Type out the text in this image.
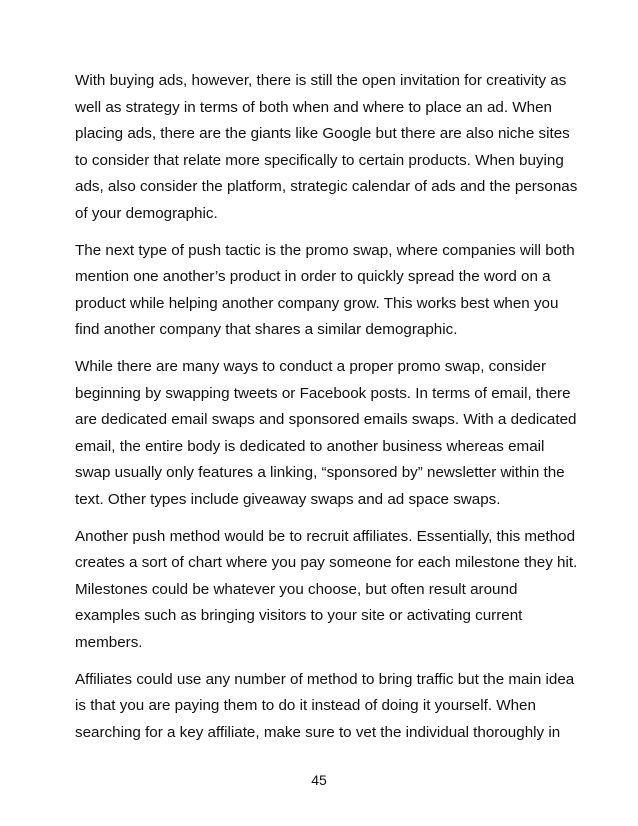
With buying ads, however, there is still the open invitation for creativity as
well as strategy in terms of both when and where to place an ad. When
placing ads, there are the giants like Google but there are also niche sites
to consider that relate more specifically to certain products. When buying
ads, also consider the platform, strategic calendar of ads and the personas
of your demographic.

The next type of push tactic is the promo swap, where companies will both
mention one another’s product in order to quickly spread the word on a
product while helping another company grow. This works best when you
find another company that shares a similar demographic.

While there are many ways to conduct a proper promo swap, consider
beginning by swapping tweets or Facebook posts. In terms of email, there
are dedicated email swaps and sponsored emails swaps. With a dedicated
email, the entire body is dedicated to another business whereas email
swap usually only features a linking, “sponsored by” newsletter within the
text. Other types include giveaway swaps and ad space swaps.

Another push method would be to recruit affiliates. Essentially, this method
creates a sort of chart where you pay someone for each milestone they hit.
Milestones could be whatever you choose, but often result around
examples such as bringing visitors to your site or activating current
members.

Affiliates could use any number of method to bring traffic but the main idea
is that you are paying them to do it instead of doing it yourself. When
searching for a key affiliate, make sure to vet the individual thoroughly in

45
